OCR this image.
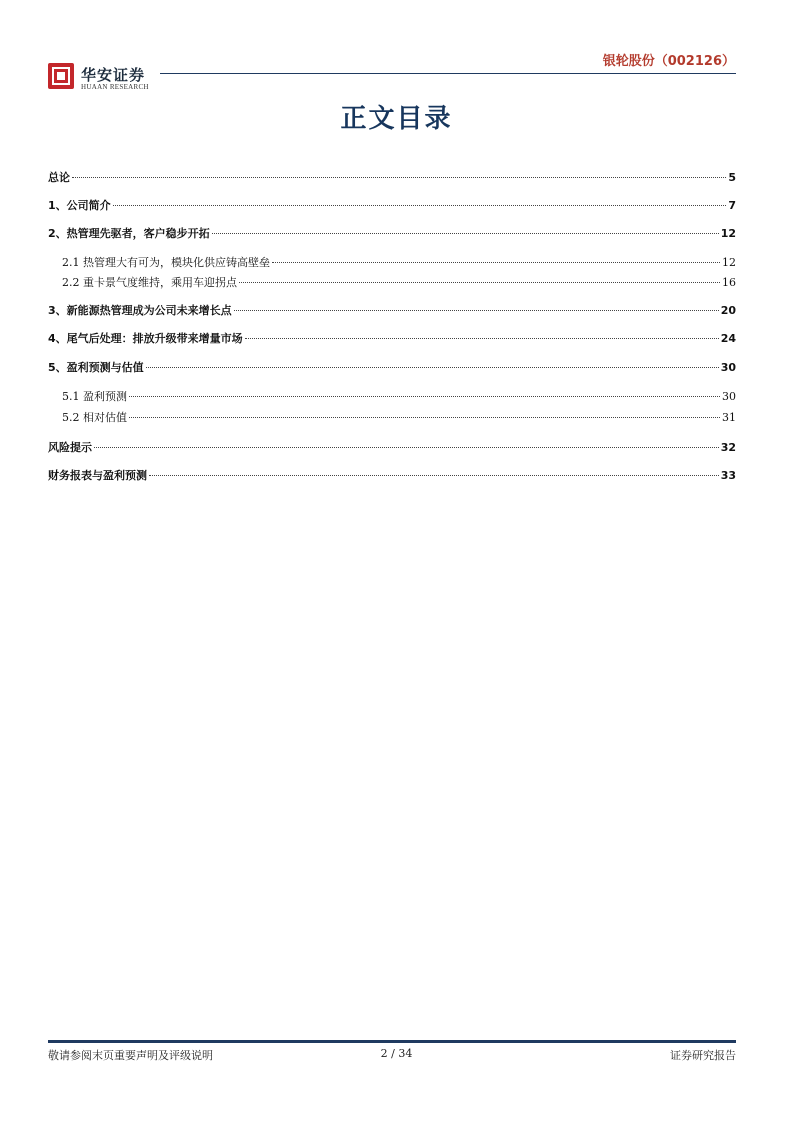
华安证券
HUAAN RESEARCH
银轮股份（002126）
正文目录
总论	5
1、公司简介	7
2、热管理先驱者，客户稳步开拓	12
2.1 热管理大有可为，模块化供应铸高壁垒	12
2.2 重卡景气度维持，乘用车迎拐点	16
3、新能源热管理成为公司未来增长点	20
4、尾气后处理：排放升级带来增量市场	24
5、盈利预测与估值	30
5.1 盈利预测	30
5.2 相对估值	31
风险提示	32
财务报表与盈利预测	33
敬请参阅末页重要声明及评级说明	2 / 34	证券研究报告
